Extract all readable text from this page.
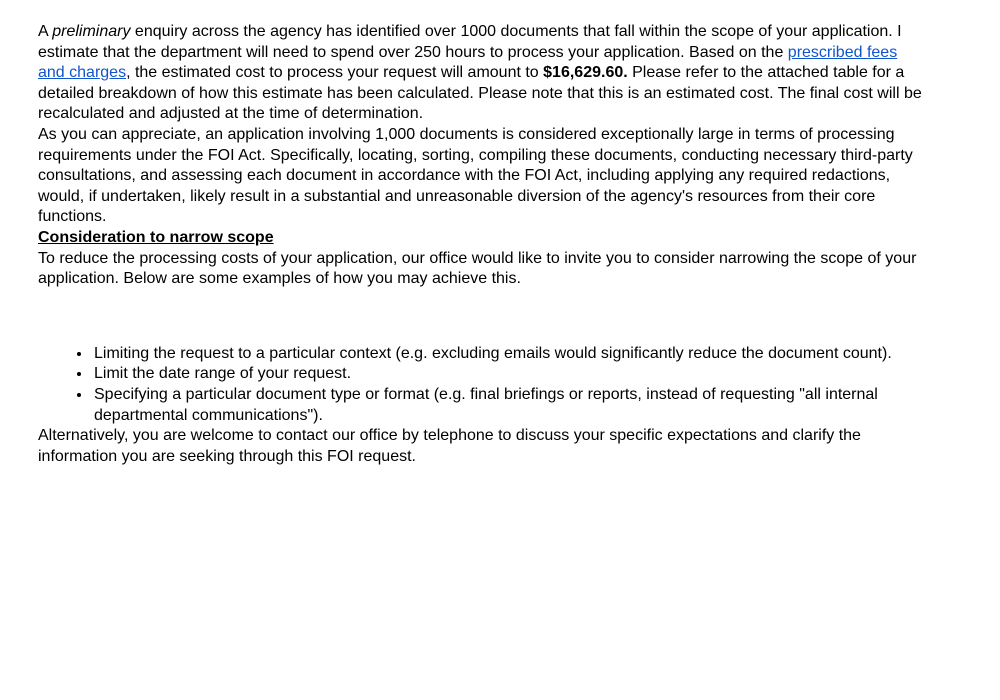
A preliminary enquiry across the agency has identified over 1000 documents that fall within the scope of your application. I estimate that the department will need to spend over 250 hours to process your application. Based on the prescribed fees and charges, the estimated cost to process your request will amount to $16,629.60. Please refer to the attached table for a detailed breakdown of how this estimate has been calculated. Please note that this is an estimated cost. The final cost will be recalculated and adjusted at the time of determination.

As you can appreciate, an application involving 1,000 documents is considered exceptionally large in terms of processing requirements under the FOI Act. Specifically, locating, sorting, compiling these documents, conducting necessary third-party consultations, and assessing each document in accordance with the FOI Act, including applying any required redactions, would, if undertaken, likely result in a substantial and unreasonable diversion of the agency's resources from their core functions.

Consideration to narrow scope

To reduce the processing costs of your application, our office would like to invite you to consider narrowing the scope of your application. Below are some examples of how you may achieve this.

• Limiting the request to a particular context (e.g. excluding emails would significantly reduce the document count).
• Limit the date range of your request.
• Specifying a particular document type or format (e.g. final briefings or reports, instead of requesting "all internal departmental communications").

Alternatively, you are welcome to contact our office by telephone to discuss your specific expectations and clarify the information you are seeking through this FOI request.
